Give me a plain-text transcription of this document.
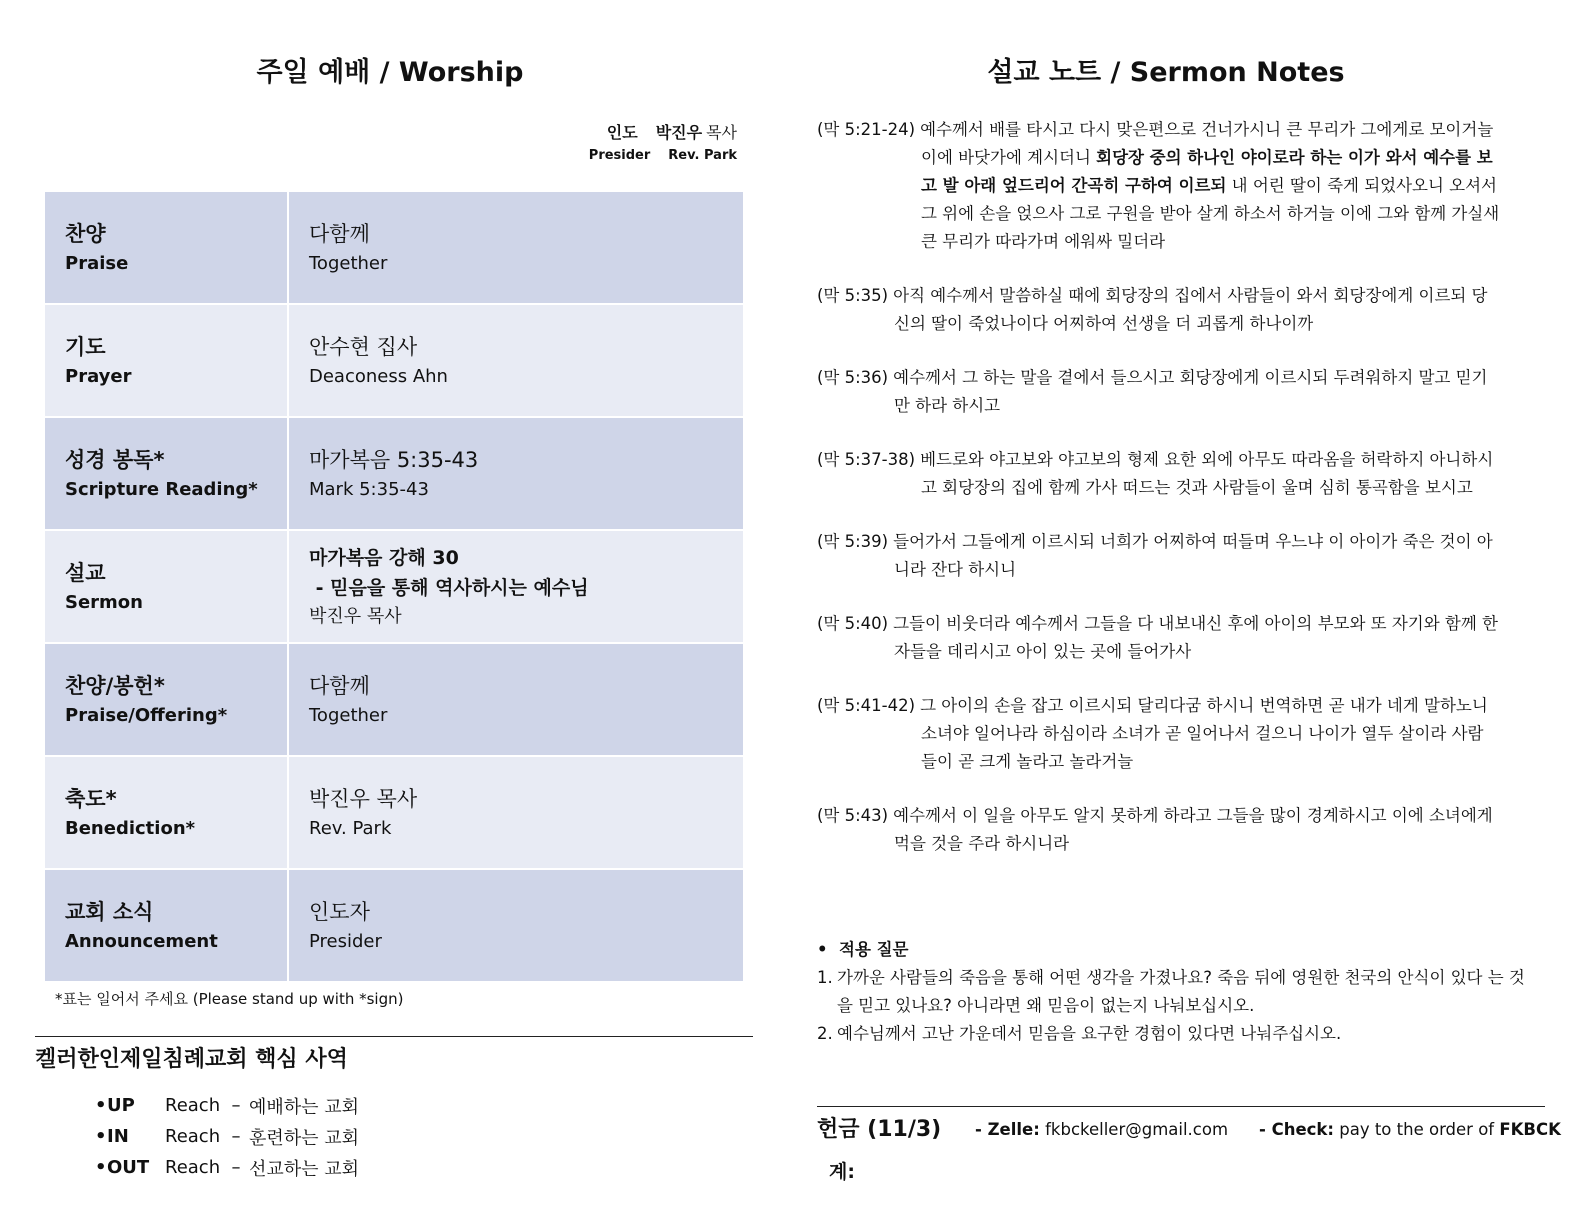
주일 예배 / Worship
인도 박진우 목사
Presider Rev. Park
찬양
Praise
다함께
Together
기도
Prayer
안수현 집사
Deaconess Ahn
성경 봉독*
Scripture Reading*
마가복음 5:35-43
Mark 5:35-43
설교
Sermon
마가복음 강해 30
- 믿음을 통해 역사하시는 예수님
박진우 목사
찬양/봉헌*
Praise/Offering*
다함께
Together
축도*
Benediction*
박진우 목사
Rev. Park
교회 소식
Announcement
인도자
Presider
*표는 일어서 주세요 (Please stand up with *sign)
켈러한인제일침례교회 핵심 사역
• UP	Reach – 예배하는 교회
• IN	Reach – 훈련하는 교회
• OUT Reach – 선교하는 교회
설교 노트 / Sermon Notes
(막 5:21-24) 예수께서 배를 타시고 다시 맞은편으로 건너가시니 큰 무리가 그에게로 모이거늘
이에 바닷가에 계시더니 회당장 중의 하나인 야이로라 하는 이가 와서 예수를 보
고 발 아래 엎드리어 간곡히 구하여 이르되 내 어린 딸이 죽게 되었사오니 오셔서
그 위에 손을 얹으사 그로 구원을 받아 살게 하소서 하거늘 이에 그와 함께 가실새
큰 무리가 따라가며 에워싸 밀더라
(막 5:35) 아직 예수께서 말씀하실 때에 회당장의 집에서 사람들이 와서 회당장에게 이르되 당
신의 딸이 죽었나이다 어찌하여 선생을 더 괴롭게 하나이까
(막 5:36) 예수께서 그 하는 말을 곁에서 들으시고 회당장에게 이르시되 두려워하지 말고 믿기
만 하라 하시고
(막 5:37-38) 베드로와 야고보와 야고보의 형제 요한 외에 아무도 따라옴을 허락하지 아니하시
고 회당장의 집에 함께 가사 떠드는 것과 사람들이 울며 심히 통곡함을 보시고
(막 5:39) 들어가서 그들에게 이르시되 너희가 어찌하여 떠들며 우느냐 이 아이가 죽은 것이 아
니라 잔다 하시니
(막 5:40) 그들이 비웃더라 예수께서 그들을 다 내보내신 후에 아이의 부모와 또 자기와 함께 한
자들을 데리시고 아이 있는 곳에 들어가사
(막 5:41-42) 그 아이의 손을 잡고 이르시되 달리다굼 하시니 번역하면 곧 내가 네게 말하노니
소녀야 일어나라 하심이라 소녀가 곧 일어나서 걸으니 나이가 열두 살이라 사람
들이 곧 크게 놀라고 놀라거늘
(막 5:43) 예수께서 이 일을 아무도 알지 못하게 하라고 그들을 많이 경계하시고 이에 소녀에게
먹을 것을 주라 하시니라
• 적용 질문
1. 가까운 사람들의 죽음을 통해 어떤 생각을 가졌나요? 죽음 뒤에 영원한 천국의 안식이 있다 는 것을 믿고 있나요? 아니라면 왜 믿음이 없는지 나눠보십시오.
2. 예수님께서 고난 가운데서 믿음을 요구한 경험이 있다면 나눠주십시오.
헌금 (11/3) - Zelle: fkbckeller@gmail.com - Check: pay to the order of FKBCK
계:
